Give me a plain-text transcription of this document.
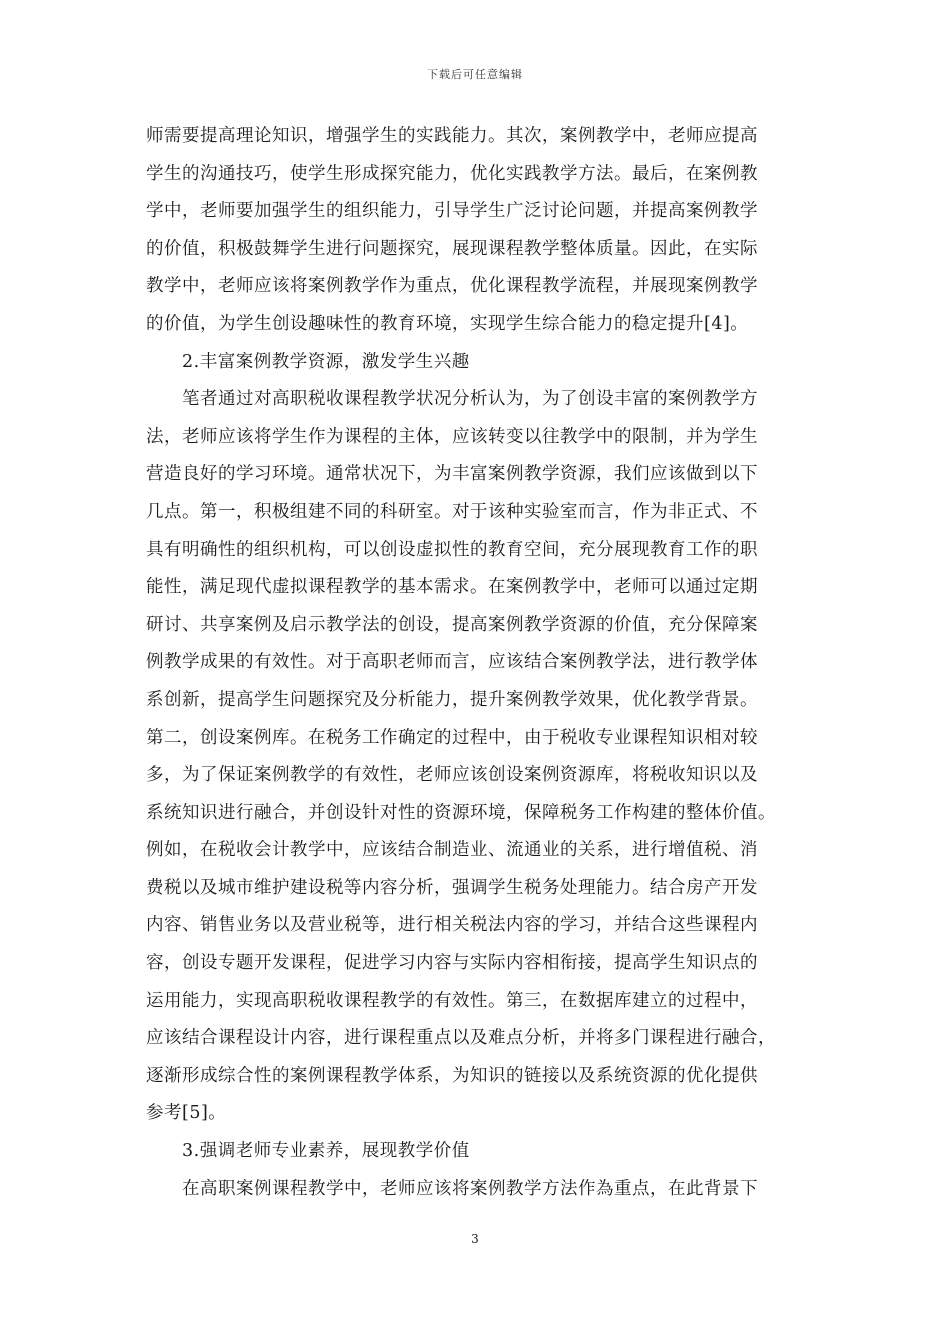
下载后可任意编辑
师需要提高理论知识，增强学生的实践能力。其次，案例教学中，老师应提高
学生的沟通技巧，使学生形成探究能力，优化实践教学方法。最后，在案例教
学中，老师要加强学生的组织能力，引导学生广泛讨论问题，并提高案例教学
的价值，积极鼓舞学生进行问题探究，展现课程教学整体质量。因此，在实际
教学中，老师应该将案例教学作为重点，优化课程教学流程，并展现案例教学
的价值，为学生创设趣味性的教育环境，实现学生综合能力的稳定提升[4]。
2.丰富案例教学资源，激发学生兴趣
笔者通过对高职税收课程教学状况分析认为，为了创设丰富的案例教学方
法，老师应该将学生作为课程的主体，应该转变以往教学中的限制，并为学生
营造良好的学习环境。通常状况下，为丰富案例教学资源，我们应该做到以下
几点。第一，积极组建不同的科研室。对于该种实验室而言，作为非正式、不
具有明确性的组织机构，可以创设虚拟性的教育空间，充分展现教育工作的职
能性，满足现代虚拟课程教学的基本需求。在案例教学中，老师可以通过定期
研讨、共享案例及启示教学法的创设，提高案例教学资源的价值，充分保障案
例教学成果的有效性。对于高职老师而言，应该结合案例教学法，进行教学体
系创新，提高学生问题探究及分析能力，提升案例教学效果，优化教学背景。
第二，创设案例库。在税务工作确定的过程中，由于税收专业课程知识相对较
多，为了保证案例教学的有效性，老师应该创设案例资源库，将税收知识以及
系统知识进行融合，并创设针对性的资源环境，保障税务工作构建的整体价值。
例如，在税收会计教学中，应该结合制造业、流通业的关系，进行增值税、消
费税以及城市维护建设税等内容分析，强调学生税务处理能力。结合房产开发
内容、销售业务以及营业税等，进行相关税法内容的学习，并结合这些课程内
容，创设专题开发课程，促进学习内容与实际内容相衔接，提高学生知识点的
运用能力，实现高职税收课程教学的有效性。第三，在数据库建立的过程中，
应该结合课程设计内容，进行课程重点以及难点分析，并将多门课程进行融合，
逐渐形成综合性的案例课程教学体系，为知识的链接以及系统资源的优化提供
参考[5]。
3.强调老师专业素养，展现教学价值
在高职案例课程教学中，老师应该将案例教学方法作為重点，在此背景下
3
